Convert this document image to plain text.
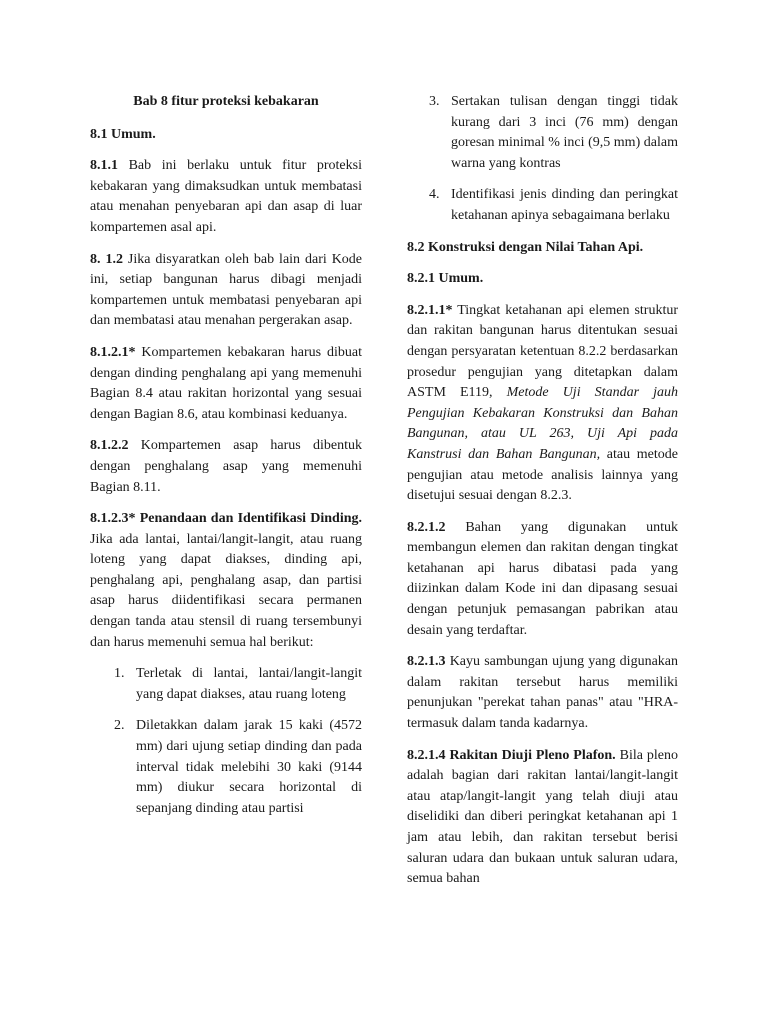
Bab 8 fitur proteksi kebakaran
8.1 Umum.
8.1.1 Bab ini berlaku untuk fitur proteksi kebakaran yang dimaksudkan untuk membatasi atau menahan penyebaran api dan asap di luar kompartemen asal api.
8. 1.2 Jika disyaratkan oleh bab lain dari Kode ini, setiap bangunan harus dibagi menjadi kompartemen untuk membatasi penyebaran api dan membatasi atau menahan pergerakan asap.
8.1.2.1* Kompartemen kebakaran harus dibuat dengan dinding penghalang api yang memenuhi Bagian 8.4 atau rakitan horizontal yang sesuai dengan Bagian 8.6, atau kombinasi keduanya.
8.1.2.2 Kompartemen asap harus dibentuk dengan penghalang asap yang memenuhi Bagian 8.11.
8.1.2.3* Penandaan dan Identifikasi Dinding. Jika ada lantai, lantai/langit-langit, atau ruang loteng yang dapat diakses, dinding api, penghalang api, penghalang asap, dan partisi asap harus diidentifikasi secara permanen dengan tanda atau stensil di ruang tersembunyi dan harus memenuhi semua hal berikut:
1. Terletak di lantai, lantai/langit-langit yang dapat diakses, atau ruang loteng
2. Diletakkan dalam jarak 15 kaki (4572 mm) dari ujung setiap dinding dan pada interval tidak melebihi 30 kaki (9144 mm) diukur secara horizontal di sepanjang dinding atau partisi
3. Sertakan tulisan dengan tinggi tidak kurang dari 3 inci (76 mm) dengan goresan minimal % inci (9,5 mm) dalam warna yang kontras
4. Identifikasi jenis dinding dan peringkat ketahanan apinya sebagaimana berlaku
8.2 Konstruksi dengan Nilai Tahan Api.
8.2.1 Umum.
8.2.1.1* Tingkat ketahanan api elemen struktur dan rakitan bangunan harus ditentukan sesuai dengan persyaratan ketentuan 8.2.2 berdasarkan prosedur pengujian yang ditetapkan dalam ASTM E119, Metode Uji Standar jauh Pengujian Kebakaran Konstruksi dan Bahan Bangunan, atau UL 263, Uji Api pada Kanstrusi dan Bahan Bangunan, atau metode pengujian atau metode analisis lainnya yang disetujui sesuai dengan 8.2.3.
8.2.1.2 Bahan yang digunakan untuk membangun elemen dan rakitan dengan tingkat ketahanan api harus dibatasi pada yang diizinkan dalam Kode ini dan dipasang sesuai dengan petunjuk pemasangan pabrikan atau desain yang terdaftar.
8.2.1.3 Kayu sambungan ujung yang digunakan dalam rakitan tersebut harus memiliki penunjukan "perekat tahan panas" atau "HRA- termasuk dalam tanda kadarnya.
8.2.1.4 Rakitan Diuji Pleno Plafon. Bila pleno adalah bagian dari rakitan lantai/langit-langit atau atap/langit-langit yang telah diuji atau diselidiki dan diberi peringkat ketahanan api 1 jam atau lebih, dan rakitan tersebut berisi saluran udara dan bukaan untuk saluran udara, semua bahan
